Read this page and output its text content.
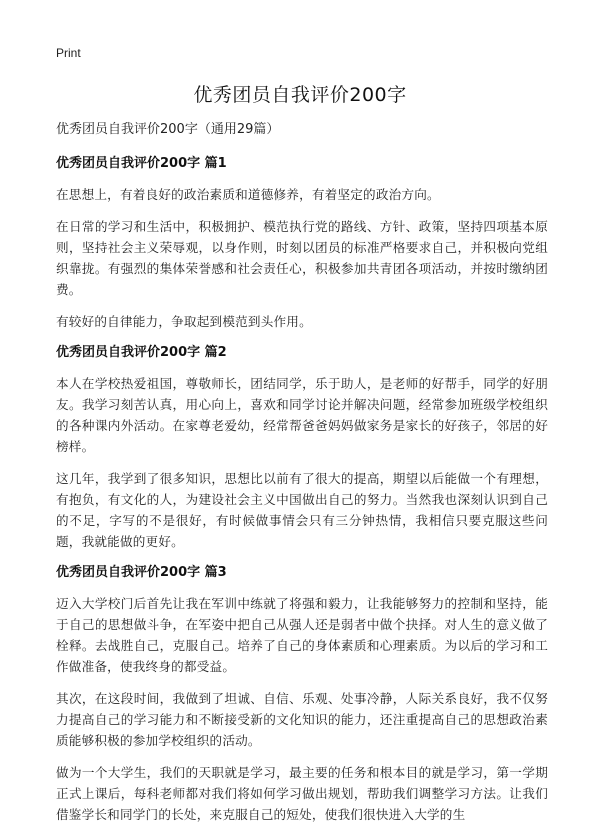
Print
优秀团员自我评价200字

优秀团员自我评价200字（通用29篇）

优秀团员自我评价200字 篇1

在思想上，有着良好的政治素质和道德修养，有着坚定的政治方向。

在日常的学习和生活中，积极拥护、模范执行党的路线、方针、政策，坚持四项基本原则，坚持社会主义荣辱观，以身作则，时刻以团员的标准严格要求自己，并积极向党组织靠拢。有强烈的集体荣誉感和社会责任心，积极参加共青团各项活动，并按时缴纳团费。

有较好的自律能力，争取起到模范到头作用。

优秀团员自我评价200字 篇2

本人在学校热爱祖国，尊敬师长，团结同学，乐于助人，是老师的好帮手，同学的好朋友。我学习刻苦认真，用心向上，喜欢和同学讨论并解决问题，经常参加班级学校组织的各种课内外活动。在家尊老爱幼，经常帮爸爸妈妈做家务是家长的好孩子，邻居的好榜样。

这几年，我学到了很多知识，思想比以前有了很大的提高，期望以后能做一个有理想，有抱负，有文化的人，为建设社会主义中国做出自己的努力。当然我也深刻认识到自己的不足，字写的不是很好，有时候做事情会只有三分钟热情，我相信只要克服这些问题，我就能做的更好。

优秀团员自我评价200字 篇3

迈入大学校门后首先让我在军训中练就了将强和毅力，让我能够努力的控制和坚持，能于自己的思想做斗争，在军姿中把自己从强人还是弱者中做个抉择。对人生的意义做了栓释。去战胜自己，克服自己。培养了自己的身体素质和心理素质。为以后的学习和工作做准备，使我终身的都受益。

其次，在这段时间，我做到了坦诚、自信、乐观、处事冷静，人际关系良好，我不仅努力提高自己的学习能力和不断接受新的文化知识的能力，还注重提高自己的思想政治素质能够积极的参加学校组织的活动。

做为一个大学生，我们的天职就是学习，最主要的任务和根本目的就是学习，第一学期正式上课后，每科老师都对我们将如何学习做出规划，帮助我们调整学习方法。让我们借鉴学长和同学门的长处，来克服自己的短处，使我们很快进入大学的生
